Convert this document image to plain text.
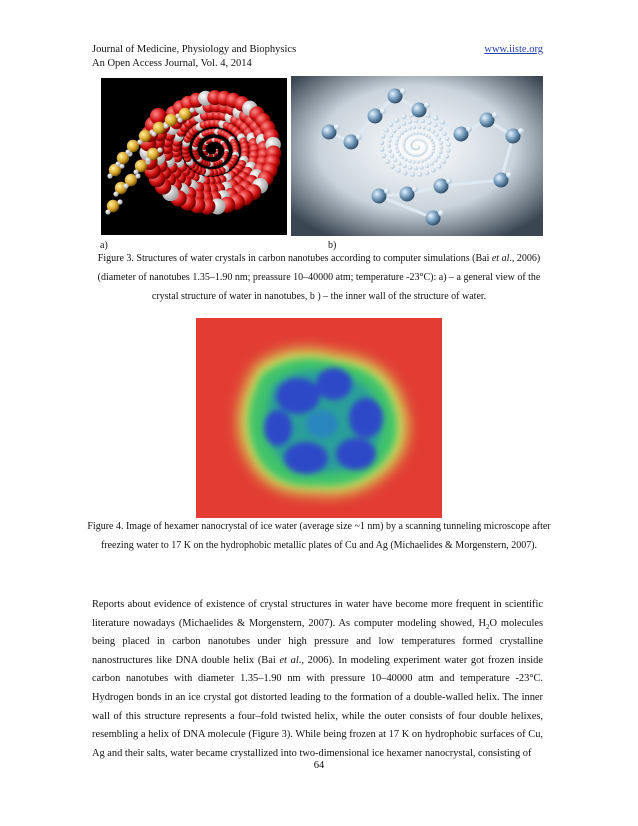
Journal of Medicine, Physiology and Biophysics
An Open Access Journal, Vol. 4, 2014
www.iiste.org
a)	b)
Figure 3. Structures of water crystals in carbon nanotubes according to computer simulations (Bai et al., 2006) (diameter of nanotubes 1.35–1.90 nm; preassure 10–40000 atm; temperature -23°C): a) – a general view of the crystal structure of water in nanotubes, b ) – the inner wall of the structure of water.
Figure 4. Image of hexamer nanocrystal of ice water (average size ~1 nm) by a scanning tunneling microscope after freezing water to 17 K on the hydrophobic metallic plates of Cu and Ag (Michaelides & Morgenstern, 2007).
Reports about evidence of existence of crystal structures in water have become more frequent in scientific literature nowadays (Michaelides & Morgenstern, 2007). As computer modeling showed, $H_2O$ molecules being placed in carbon nanotubes under high pressure and low temperatures formed crystalline nanostructures like DNA double helix (Bai et al., 2006). In modeling experiment water got frozen inside carbon nanotubes with diameter 1.35–1.90 nm with pressure 10–40000 atm and temperature -23°C. Hydrogen bonds in an ice crystal got distorted leading to the formation of a double-walled helix. The inner wall of this structure represents a four–fold twisted helix, while the outer consists of four double helixes, resembling a helix of DNA molecule (Figure 3). While being frozen at 17 K on hydrophobic surfaces of Cu, Ag and their salts, water became crystallized into two-dimensional ice hexamer nanocrystal, consisting of
64
